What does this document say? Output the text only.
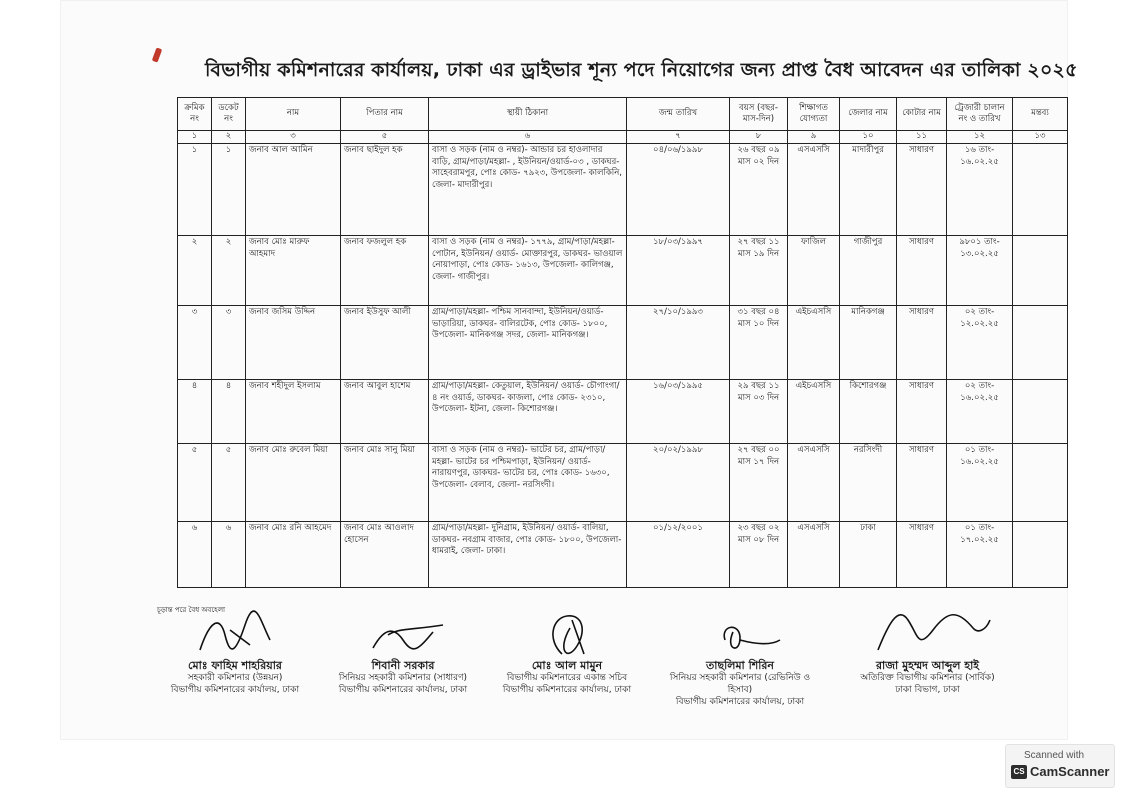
বিভাগীয় কমিশনারের কার্যালয়, ঢাকা এর ড্রাইভার শূন্য পদে নিয়োগের জন্য প্রাপ্ত বৈধ আবেদন এর তালিকা ২০২৫
ক্রমিক নং	ডকেট নং	নাম	পিতার নাম	স্থায়ী ঠিকানা	জন্ম তারিখ	বয়স (বছর-মাস-দিন)	শিক্ষাগত যোগ্যতা	জেলার নাম	কোটার নাম	ট্রেজারী চালান নং ও তারিখ	মন্তব্য
১	২	৩	৫	৬	৭	৮	৯	১০	১১	১২	১৩
১	১	জনাব আল আমিন	জনাব ছাইদুল হক	বাসা ও সড়ক (নাম ও নম্বর)- আন্ডার চর হাওলাদার বাড়ি, গ্রাম/পাড়া/মহল্লা- , ইউনিয়ন/ওয়ার্ড-০৩ , ডাকঘর- সাহেবরামপুর, পোঃ কোড- ৭৯২৩, উপজেলা- কালকিনি, জেলা- মাদারীপুর।	০৪/০৬/১৯৯৮	২৬ বছর ০৯ মাস ০২ দিন	এসএসসি	মাদারীপুর	সাধারণ	১৬ তাং- ১৬.০২.২৫	
২	২	জনাব মোঃ মারুফ আহমাদ	জনাব ফজলুল হক	বাসা ও সড়ক (নাম ও নম্বর)- ১৭৭৯, গ্রাম/পাড়া/মহল্লা- পোটান, ইউনিয়ন/ ওয়ার্ড- মোক্তারপুর, ডাকঘর- ভাওয়াল নোয়াপাড়া, পোঃ কোড- ১৬১৩, উপজেলা- কালিগঞ্জ, জেলা- গাজীপুর।	১৮/০৩/১৯৯৭	২৭ বছর ১১ মাস ১৯ দিন	ফাজিল	গাজীপুর	সাধারণ	৯৮০১ তাং- ১৩.০২.২৫	
৩	৩	জনাব জসিম উদ্দিন	জনাব ইউসুফ আলী	গ্রাম/পাড়া/মহল্লা- পশ্চিম সানবান্দা, ইউনিয়ন/ওয়ার্ড- ভাড়ারিয়া, ডাকঘর- বালিরটেক, পোঃ কোড- ১৮০০, উপজেলা- মানিকগঞ্জ সদর, জেলা- মানিকগঞ্জ।	২৭/১০/১৯৯৩	৩১ বছর ০৪ মাস ১০ দিন	এইচএসসি	মানিকগঞ্জ	সাধারণ	০২ তাং- ১২.০২.২৫	
৪	৪	জনাব শহীদুল ইসলাম	জনাব আবুল হাশেম	গ্রাম/পাড়া/মহল্লা- কেতুয়াল, ইউনিয়ন/ ওয়ার্ড- চৌগাংগা/৪ নং ওয়ার্ড, ডাকঘর- কাজলা, পোঃ কোড- ২৩১০, উপজেলা- ইটনা, জেলা- কিশোরগঞ্জ।	১৬/০৩/১৯৯৫	২৯ বছর ১১ মাস ০৩ দিন	এইচএসসি	কিশোরগঞ্জ	সাধারণ	০২ তাং- ১৬.০২.২৫	
৫	৫	জনাব মোঃ রুবেল মিয়া	জনাব মোঃ সানু মিয়া	বাসা ও সড়ক (নাম ও নম্বর)- ভাটের চর, গ্রাম/পাড়া/মহল্লা- ভাটের চর পশ্চিমপাড়া, ইউনিয়ন/ ওয়ার্ড- নারায়ণপুর, ডাকঘর- ভাটের চর, পোঃ কোড- ১৬৩০, উপজেলা- বেলাব, জেলা- নরসিংদী।	২০/০২/১৯৯৮	২৭ বছর ০০ মাস ১৭ দিন	এসএসসি	নরসিংদী	সাধারণ	০১ তাং- ১৬.০২.২৫	
৬	৬	জনাব মোঃ রনি আহমেদ	জনাব মোঃ আওলাদ হোসেন	গ্রাম/পাড়া/মহল্লা- দুনিগ্রাম, ইউনিয়ন/ ওয়ার্ড- বালিয়া, ডাকঘর- নবগ্রাম বাজার, পোঃ কোড- ১৮০০, উপজেলা- ধামরাই, জেলা- ঢাকা।	০১/১২/২০০১	২৩ বছর ০২ মাস ০৮ দিন	এসএসসি	ঢাকা	সাধারণ	০১ তাং- ১৭.০২.২৫	
চূড়ান্ত পরে বৈধ অবহেলা
মোঃ ফাহিম শাহরিয়ার
সহকারী কমিশনার (উন্নয়ন)
বিভাগীয় কমিশনারের কার্যালয়, ঢাকা
শিবানী সরকার
সিনিয়র সহকারী কমিশনার (সাধারণ)
বিভাগীয় কমিশনারের কার্যালয়, ঢাকা
মোঃ আল মামুন
বিভাগীয় কমিশনারের একান্ত সচিব
বিভাগীয় কমিশনারের কার্যালয়, ঢাকা
তাছলিমা শিরিন
সিনিয়র সহকারী কমিশনার (রেভিনিউ ও হিসাব)
বিভাগীয় কমিশনারের কার্যালয়, ঢাকা
রাজা মুহম্মদ আব্দুল হাই
অতিরিক্ত বিভাগীয় কমিশনার (সার্বিক)
ঢাকা বিভাগ, ঢাকা
Scanned with
CS CamScanner
